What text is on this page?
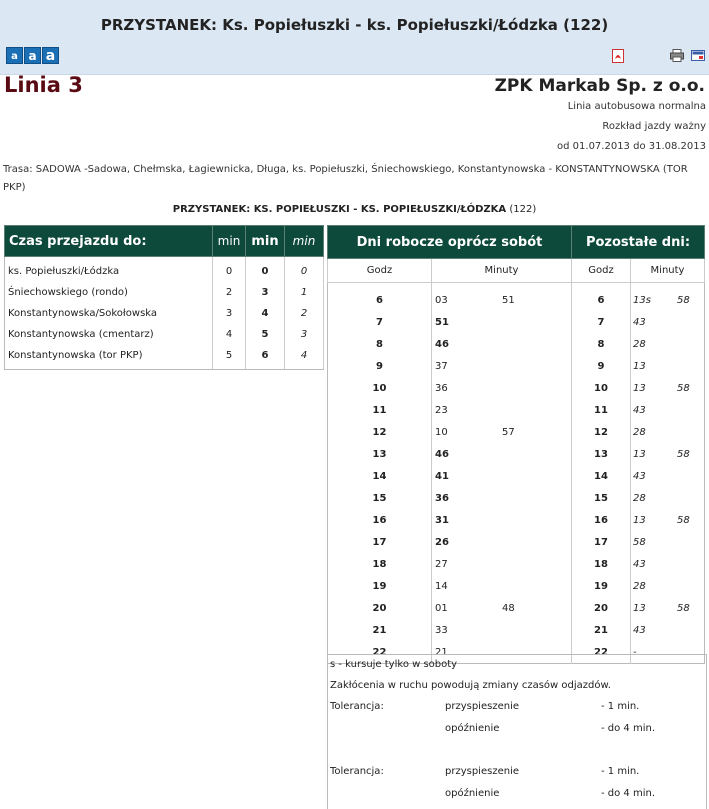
PRZYSTANEK: Ks. Popiełuszki - ks. Popiełuszki/Łódzka (122)
a a a
Linia 3	ZPK Markab Sp. z o.o.
Linia autobusowa normalna
Rozkład jazdy ważny
od 01.07.2013 do 31.08.2013
Trasa: SADOWA -Sadowa, Chełmska, Łagiewnicka, Długa, ks. Popiełuszki, Śniechowskiego, Konstantynowska - KONSTANTYNOWSKA (TOR PKP)
PRZYSTANEK: KS. POPIEŁUSZKI - KS. POPIEŁUSZKI/ŁÓDZKA (122)
Czas przejazdu do:	min	min	min
ks. Popiełuszki/Łódzka	0	0	0
Śniechowskiego (rondo)	2	3	1
Konstantynowska/Sokołowska	3	4	2
Konstantynowska (cmentarz)	4	5	3
Konstantynowska (tor PKP)	5	6	4
Dni robocze oprócz sobót			Pozostałe dni:		
Godz	Minuty		Godz	Minuty	
6	03	51	6	13s	58
7	51		7	43	
8	46		8	28	
9	37		9	13	
10	36		10	13	58
11	23		11	43	
12	10	57	12	28	
13	46		13	13	58
14	41		14	43	
15	36		15	28	
16	31		16	13	58
17	26		17	58	
18	27		18	43	
19	14		19	28	
20	01	48	20	13	58
21	33		21	43	
22	21		22	-	
s - kursuje tylko w soboty
Zakłócenia w ruchu powodują zmiany czasów odjazdów.
Tolerancja:	przyspieszenie	- 1 min.
opóźnienie	- do 4 min.
Tolerancja:	przyspieszenie	- 1 min.
opóźnienie	- do 4 min.
